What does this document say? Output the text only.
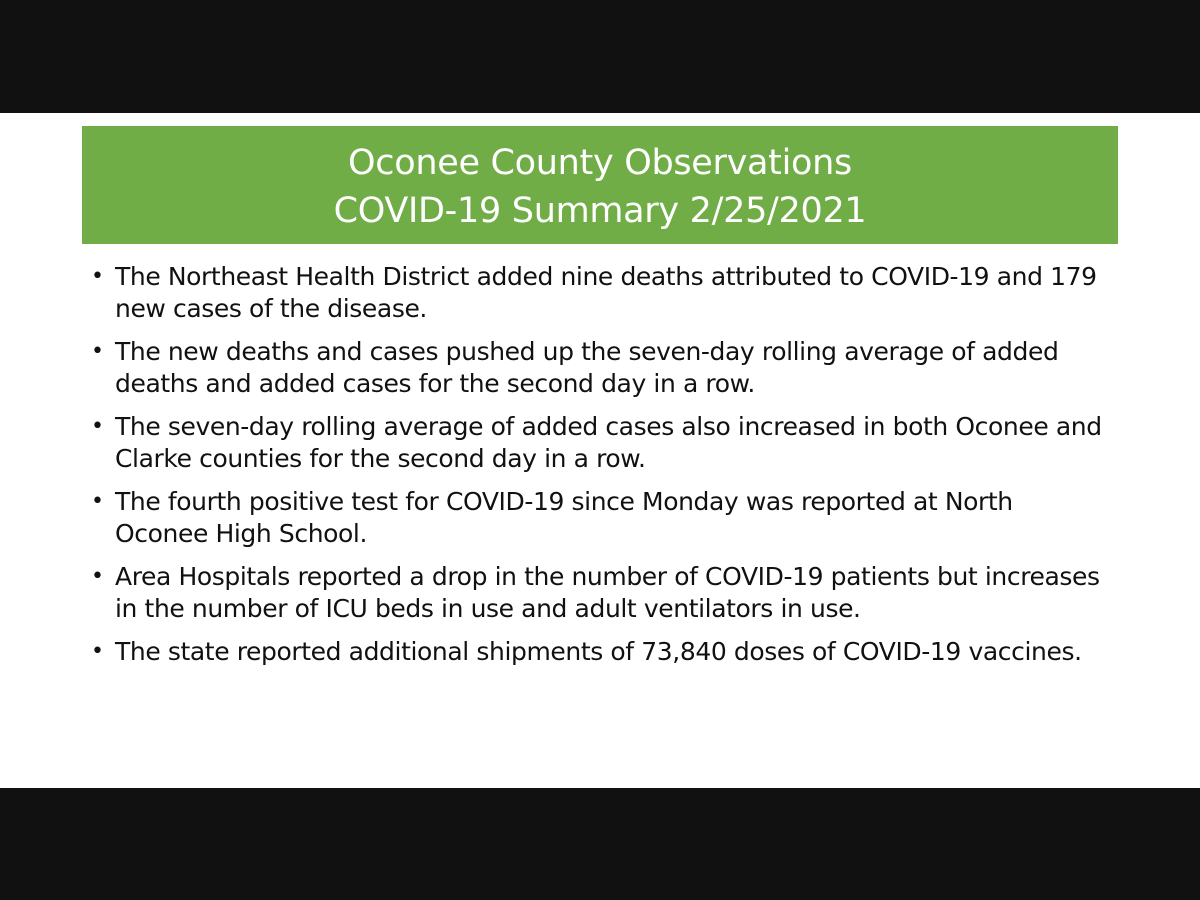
Oconee County Observations
COVID-19 Summary 2/25/2021
• The Northeast Health District added nine deaths attributed to COVID-19 and 179 new cases of the disease.
• The new deaths and cases pushed up the seven-day rolling average of added deaths and added cases for the second day in a row.
• The seven-day rolling average of added cases also increased in both Oconee and Clarke counties for the second day in a row.
• The fourth positive test for COVID-19 since Monday was reported at North Oconee High School.
• Area Hospitals reported a drop in the number of COVID-19 patients but increases in the number of ICU beds in use and adult ventilators in use.
• The state reported additional shipments of 73,840 doses of COVID-19 vaccines.
